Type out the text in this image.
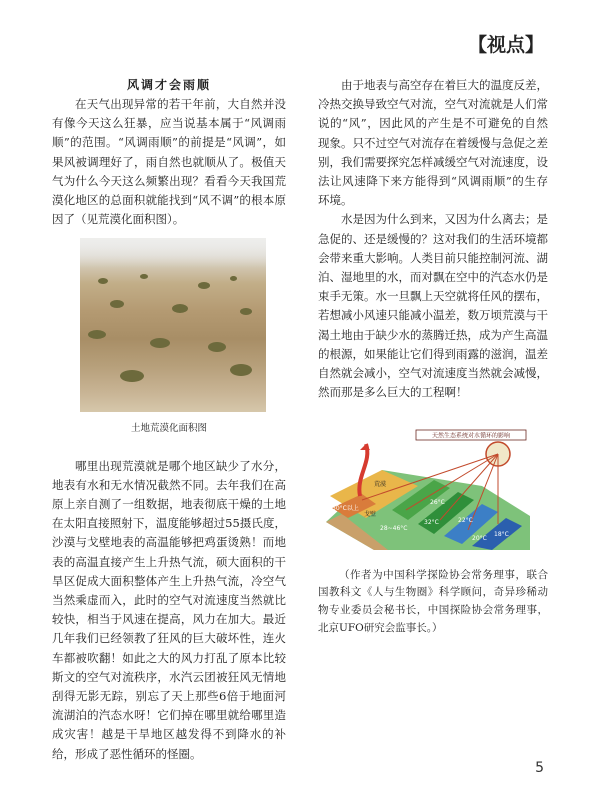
【视点】
风调才会雨顺

在天气出现异常的若干年前，大自然并没有像今天这么狂暴，应当说基本属于“风调雨顺”的范围。“风调雨顺”的前提是“风调”，如果风被调理好了，雨自然也就顺从了。极值天气为什么今天这么频繁出现？看看今天我国荒漠化地区的总面积就能找到“风不调”的根本原因了（见荒漠化面积图）。

土地荒漠化面积图

哪里出现荒漠就是哪个地区缺少了水分，地表有水和无水情况截然不同。去年我们在高原上亲自测了一组数据，地表彻底干燥的土地在太阳直接照射下，温度能够超过55摄氏度，沙漠与戈壁地表的高温能够把鸡蛋烫熟！而地表的高温直接产生上升热气流，硕大面积的干旱区促成大面积整体产生上升热气流，冷空气当然乘虚而入，此时的空气对流速度当然就比较快，相当于风速在提高，风力在加大。最近几年我们已经领教了狂风的巨大破坏性，连火车都被吹翻！如此之大的风力打乱了原本比较斯文的空气对流秩序，水汽云团被狂风无情地刮得无影无踪，别忘了天上那些6倍于地面河流湖泊的汽态水呀！它们掉在哪里就给哪里造成灾害！越是干旱地区越发得不到降水的补给，形成了恶性循环的怪圈。

由于地表与高空存在着巨大的温度反差，冷热交换导致空气对流，空气对流就是人们常说的“风”，因此风的产生是不可避免的自然现象。只不过空气对流存在着缓慢与急促之差别，我们需要探究怎样减缓空气对流速度，设法让风速降下来方能得到“风调雨顺”的生存环境。

水是因为什么到来，又因为什么离去；是急促的、还是缓慢的？这对我们的生活环境都会带来重大影响。人类目前只能控制河流、湖泊、湿地里的水，而对飘在空中的汽态水仍是束手无策。水一旦飘上天空就将任风的摆布，若想减小风速只能减小温差，数万顷荒漠与干渴土地由于缺少水的蒸腾迁热，成为产生高温的根源，如果能让它们得到雨露的滋润，温差自然就会减小，空气对流速度当然就会减慢，然而那是多么巨大的工程啊！

天然生态系统对水循环的影响
荒漠
戈壁
50°C以上
28~46°C
32°C
26°C
22°C
20°C
18°C

（作者为中国科学探险协会常务理事，联合国教科文《人与生物圈》科学顾问，奇异珍稀动物专业委员会秘书长，中国探险协会常务理事，北京UFO研究会监事长。）

5
